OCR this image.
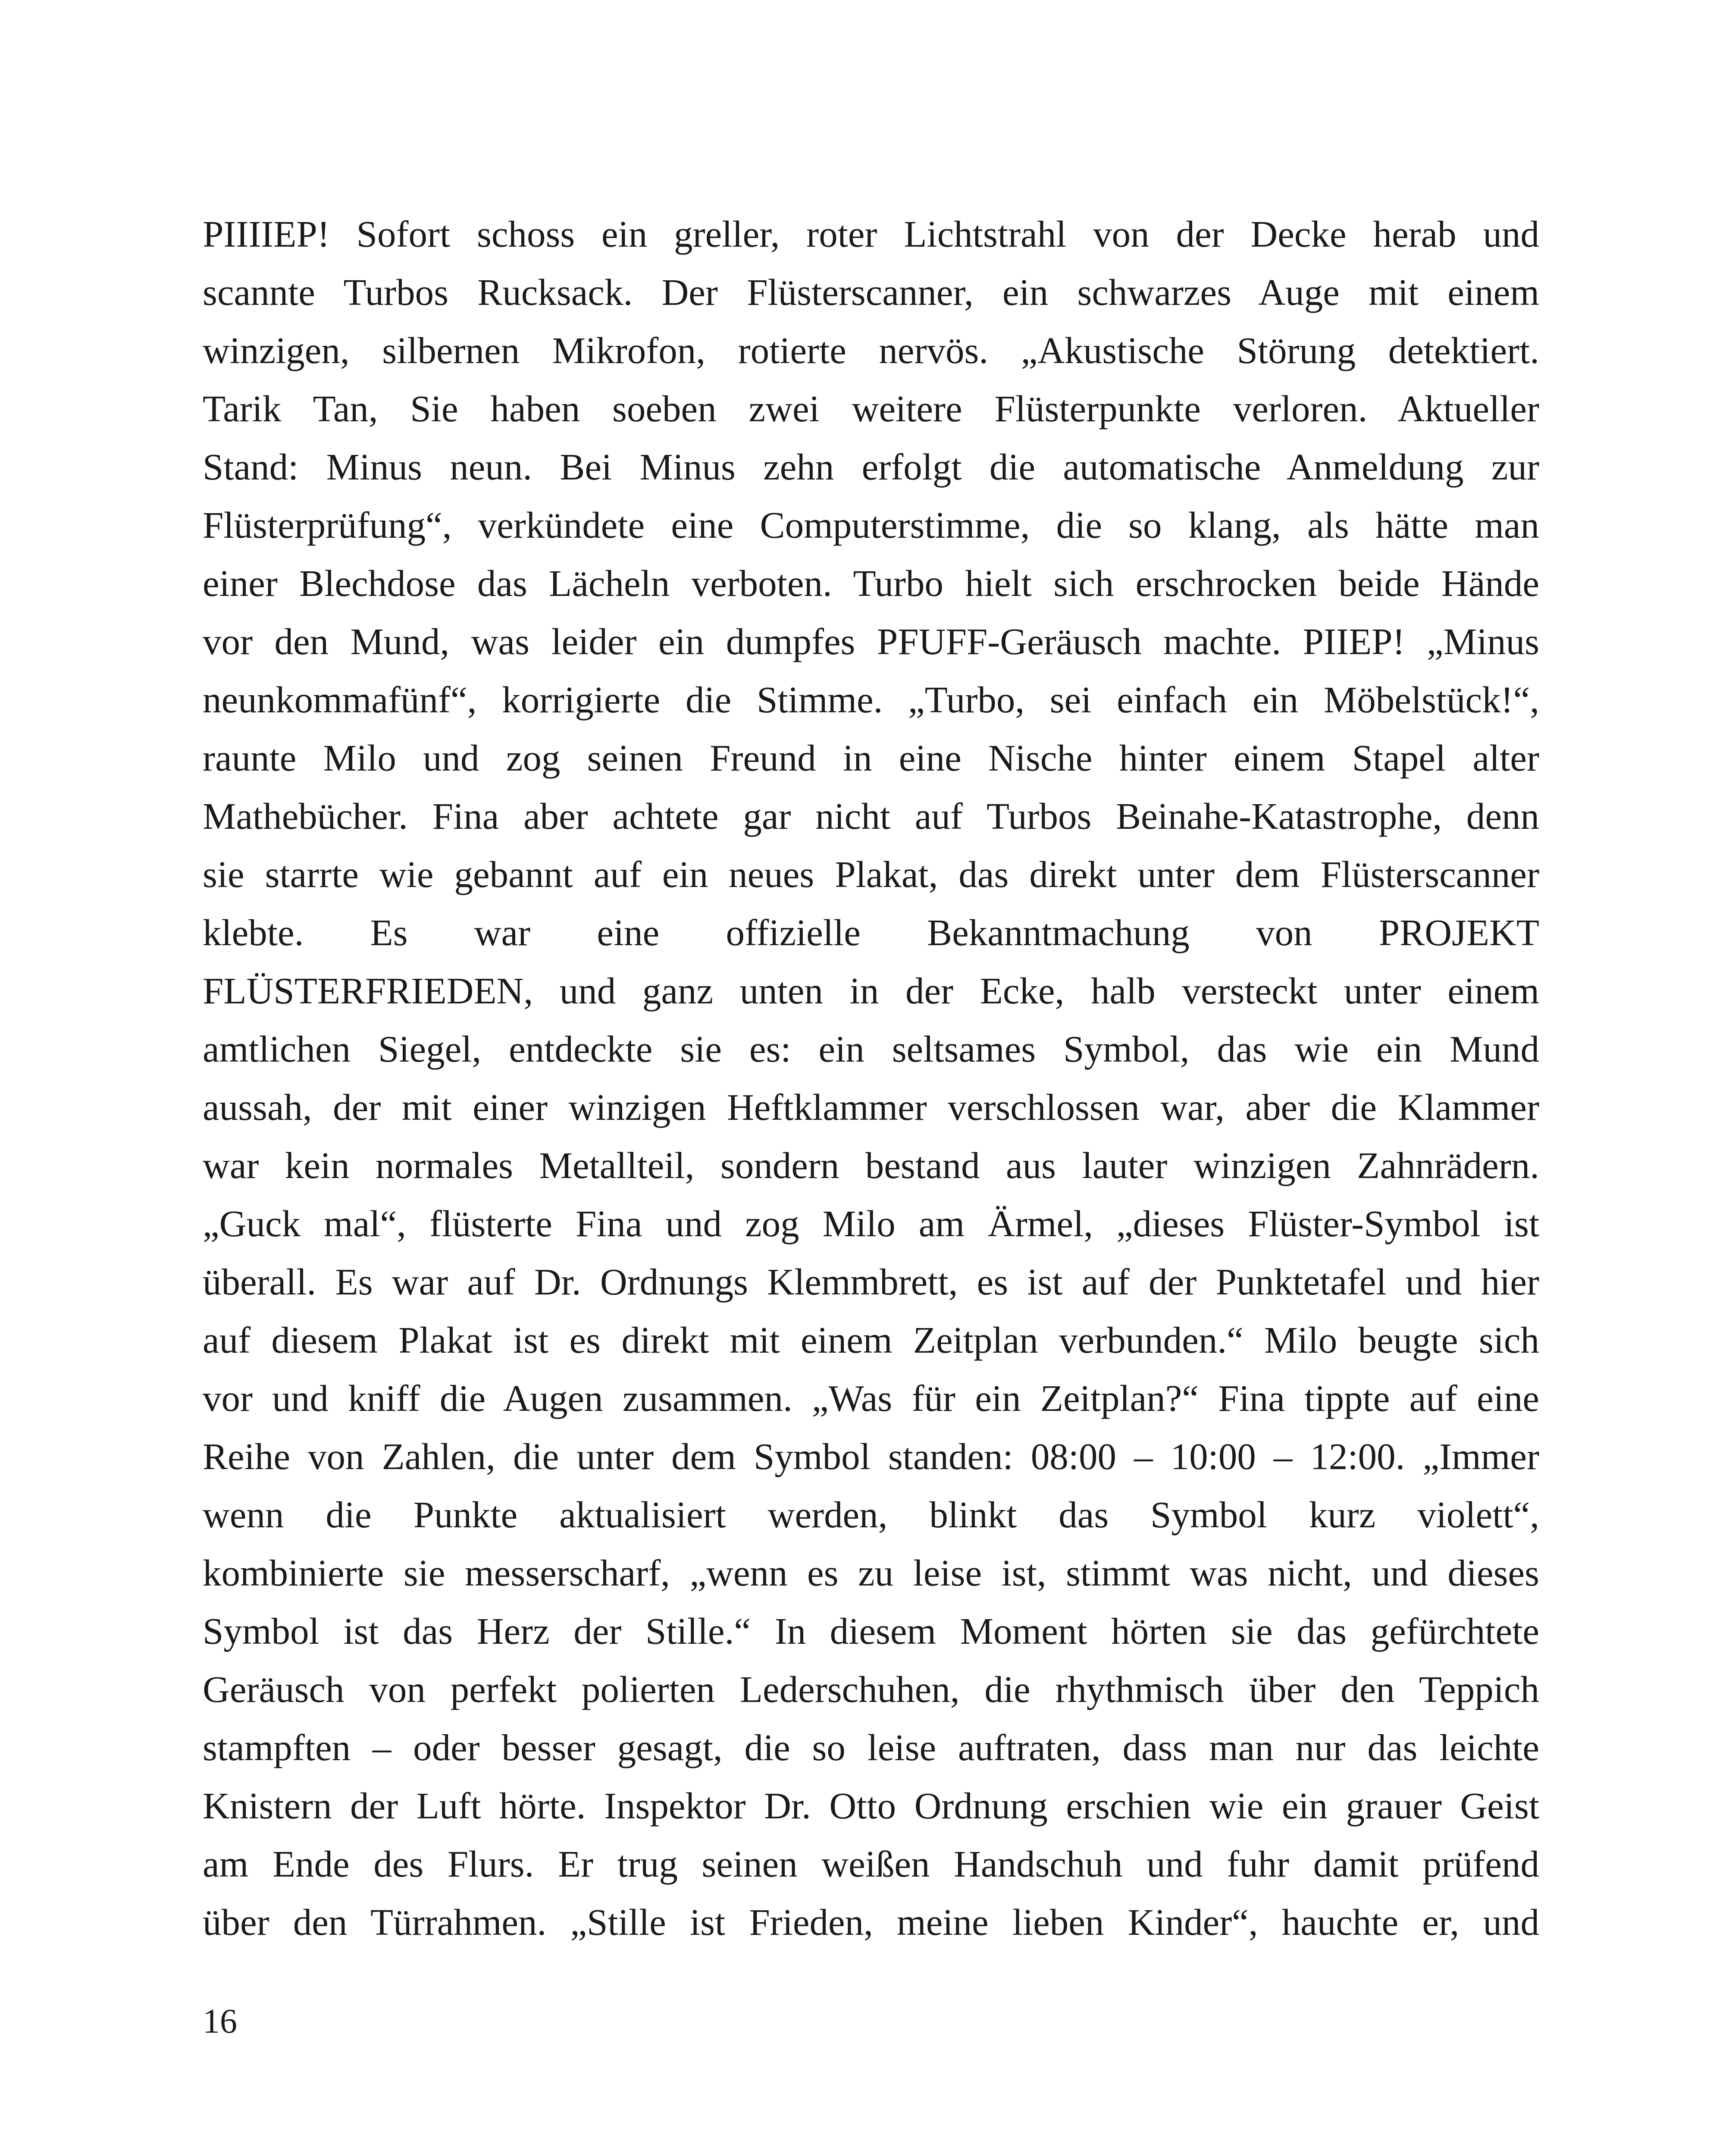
PIIIIEP! Sofort schoss ein greller, roter Lichtstrahl von der Decke herab und
scannte Turbos Rucksack. Der Flüsterscanner, ein schwarzes Auge mit einem
winzigen, silbernen Mikrofon, rotierte nervös. „Akustische Störung detektiert.
Tarik Tan, Sie haben soeben zwei weitere Flüsterpunkte verloren. Aktueller
Stand: Minus neun. Bei Minus zehn erfolgt die automatische Anmeldung zur
Flüsterprüfung“, verkündete eine Computerstimme, die so klang, als hätte man
einer Blechdose das Lächeln verboten. Turbo hielt sich erschrocken beide Hände
vor den Mund, was leider ein dumpfes PFUFF-Geräusch machte. PIIEP! „Minus
neunkommafünf“, korrigierte die Stimme. „Turbo, sei einfach ein Möbelstück!“,
raunte Milo und zog seinen Freund in eine Nische hinter einem Stapel alter
Mathebücher. Fina aber achtete gar nicht auf Turbos Beinahe-Katastrophe, denn
sie starrte wie gebannt auf ein neues Plakat, das direkt unter dem Flüsterscanner
klebte. Es war eine offizielle Bekanntmachung von PROJEKT
FLÜSTERFRIEDEN, und ganz unten in der Ecke, halb versteckt unter einem
amtlichen Siegel, entdeckte sie es: ein seltsames Symbol, das wie ein Mund
aussah, der mit einer winzigen Heftklammer verschlossen war, aber die Klammer
war kein normales Metallteil, sondern bestand aus lauter winzigen Zahnrädern.
„Guck mal“, flüsterte Fina und zog Milo am Ärmel, „dieses Flüster-Symbol ist
überall. Es war auf Dr. Ordnungs Klemmbrett, es ist auf der Punktetafel und hier
auf diesem Plakat ist es direkt mit einem Zeitplan verbunden.“ Milo beugte sich
vor und kniff die Augen zusammen. „Was für ein Zeitplan?“ Fina tippte auf eine
Reihe von Zahlen, die unter dem Symbol standen: 08:00 – 10:00 – 12:00. „Immer
wenn die Punkte aktualisiert werden, blinkt das Symbol kurz violett“,
kombinierte sie messerscharf, „wenn es zu leise ist, stimmt was nicht, und dieses
Symbol ist das Herz der Stille.“ In diesem Moment hörten sie das gefürchtete
Geräusch von perfekt polierten Lederschuhen, die rhythmisch über den Teppich
stampften – oder besser gesagt, die so leise auftraten, dass man nur das leichte
Knistern der Luft hörte. Inspektor Dr. Otto Ordnung erschien wie ein grauer Geist
am Ende des Flurs. Er trug seinen weißen Handschuh und fuhr damit prüfend
über den Türrahmen. „Stille ist Frieden, meine lieben Kinder“, hauchte er, und
16
